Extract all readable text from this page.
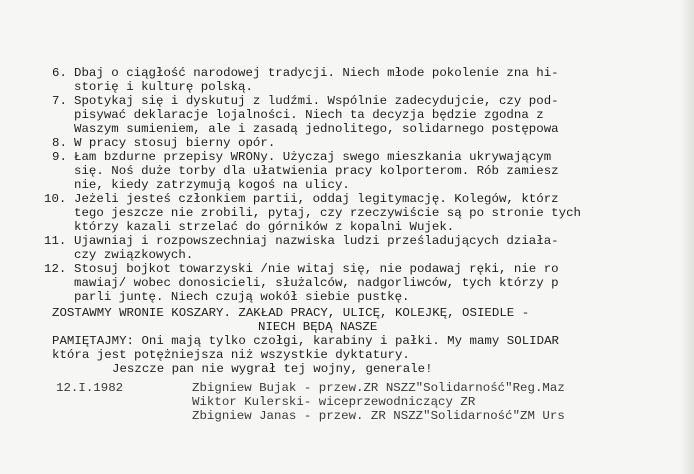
6. Dbaj o ciągłość narodowej tradycji. Niech młode pokolenie zna hi-
storię i kulturę polską.
7. Spotykaj się i dyskutuj z ludźmi. Wspólnie zadecydujcie, czy pod-
pisywać deklaracje lojalności. Niech ta decyzja będzie zgodna z
Waszym sumieniem, ale i zasadą jednolitego, solidarnego postępowa
8. W pracy stosuj bierny opór.
9. Łam bzdurne przepisy WRONy. Użyczaj swego mieszkania ukrywającym
się. Noś duże torby dla ułatwienia pracy kolporterom. Rób zamiesz
nie, kiedy zatrzymują kogoś na ulicy.
10. Jeżeli jesteś członkiem partii, oddaj legitymację. Kolegów, którz
tego jeszcze nie zrobili, pytaj, czy rzeczywiście są po stronie tych
którzy kazali strzelać do górników z kopalni Wujek.
11. Ujawniaj i rozpowszechniaj nazwiska ludzi prześladujących działa-
czy związkowych.
12. Stosuj bojkot towarzyski /nie witaj się, nie podawaj ręki, nie ro
mawiaj/ wobec donosicieli, służalców, nadgorliwców, tych którzy p
parli juntę. Niech czują wokół siebie pustkę.
ZOSTAWMY WRONIE KOSZARY. ZAKŁAD PRACY, ULICĘ, KOLEJKĘ, OSIEDLE -
NIECH BĘDĄ NASZE
PAMIĘTAJMY: Oni mają tylko czołgi, karabiny i pałki. My mamy SOLIDAR
która jest potężniejsza niż wszystkie dyktatury.
Jeszcze pan nie wygrał tej wojny, generale!
12.I.1982	Zbigniew Bujak - przew.ZR NSZZ"Solidarność"Reg.Maz
Wiktor Kulerski- wiceprzewodniczący ZR
Zbigniew Janas - przew. ZR NSZZ"Solidarność"ZM Urs
